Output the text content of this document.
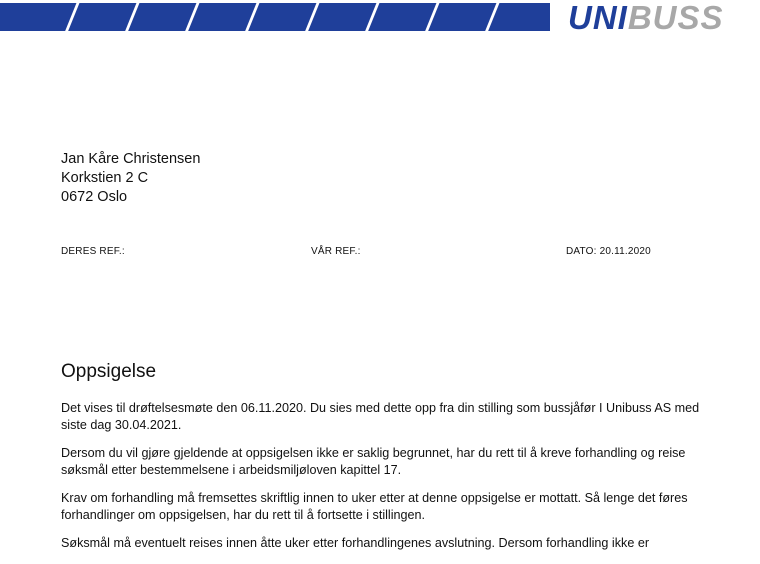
UNIBUSS
Jan Kåre Christensen
Korkstien 2 C
0672 Oslo
DERES REF.:	VÅR REF.:	DATO: 20.11.2020
Oppsigelse

Det vises til drøftelsesmøte den 06.11.2020. Du sies med dette opp fra din stilling som bussjåfør I Unibuss AS med siste dag 30.04.2021.

Dersom du vil gjøre gjeldende at oppsigelsen ikke er saklig begrunnet, har du rett til å kreve forhandling og reise søksmål etter bestemmelsene i arbeidsmiljøloven kapittel 17.

Krav om forhandling må fremsettes skriftlig innen to uker etter at denne oppsigelse er mottatt. Så lenge det føres forhandlinger om oppsigelsen, har du rett til å fortsette i stillingen.

Søksmål må eventuelt reises innen åtte uker etter forhandlingenes avslutning. Dersom forhandling ikke er
